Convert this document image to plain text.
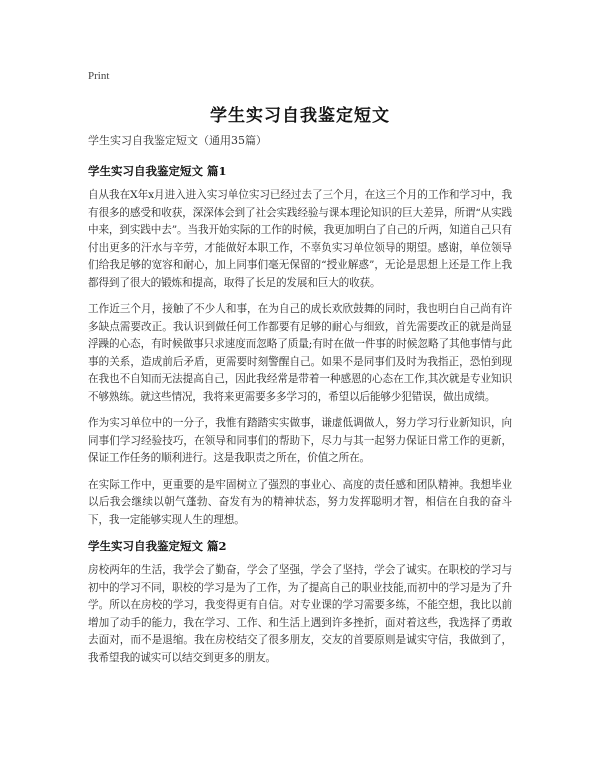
Print
学生实习自我鉴定短文

学生实习自我鉴定短文（通用35篇）

学生实习自我鉴定短文 篇1

自从我在X年x月进入进入实习单位实习已经过去了三个月，在这三个月的工作和学习中，我有很多的感受和收获，深深体会到了社会实践经验与课本理论知识的巨大差异，所谓“从实践中来，到实践中去”。当我开始实际的工作的时候，我更加明白了自己的斤两，知道自己只有付出更多的汗水与辛劳，才能做好本职工作，不辜负实习单位领导的期望。感谢，单位领导们给我足够的宽容和耐心，加上同事们毫无保留的“授业解惑”，无论是思想上还是工作上我都得到了很大的锻炼和提高，取得了长足的发展和巨大的收获。

工作近三个月，接触了不少人和事，在为自己的成长欢欣鼓舞的同时，我也明白自己尚有许多缺点需要改正。我认识到做任何工作都要有足够的耐心与细致，首先需要改正的就是尚显浮躁的心态，有时候做事只求速度而忽略了质量;有时在做一件事的时候忽略了其他事情与此事的关系，造成前后矛盾，更需要时刻警醒自己。如果不是同事们及时为我指正，恐怕到现在我也不自知而无法提高自己，因此我经常是带着一种感恩的心态在工作,其次就是专业知识不够熟练。就这些情况，我将来更需要多多学习的，希望以后能够少犯错误，做出成绩。

作为实习单位中的一分子，我惟有踏踏实实做事，谦虚低调做人，努力学习行业新知识，向同事们学习经验技巧，在领导和同事们的帮助下，尽力与其一起努力保证日常工作的更新，保证工作任务的顺利进行。这是我职责之所在，价值之所在。

在实际工作中，更重要的是牢固树立了强烈的事业心、高度的责任感和团队精神。我想毕业以后我会继续以朝气蓬勃、奋发有为的精神状态，努力发挥聪明才智，相信在自我的奋斗下，我一定能够实现人生的理想。

学生实习自我鉴定短文 篇2

房校两年的生活，我学会了勤奋，学会了坚强，学会了坚持，学会了诚实。在职校的学习与初中的学习不同，职校的学习是为了工作，为了提高自己的职业技能,而初中的学习是为了升学。所以在房校的学习，我变得更有自信。对专业课的学习需要多练，不能空想，我比以前增加了动手的能力，我在学习、工作、和生活上遇到许多挫折，面对着这些，我选择了勇敢去面对，而不是退缩。我在房校结交了很多朋友，交友的首要原则是诚实守信，我做到了，我希望我的诚实可以结交到更多的朋友。
